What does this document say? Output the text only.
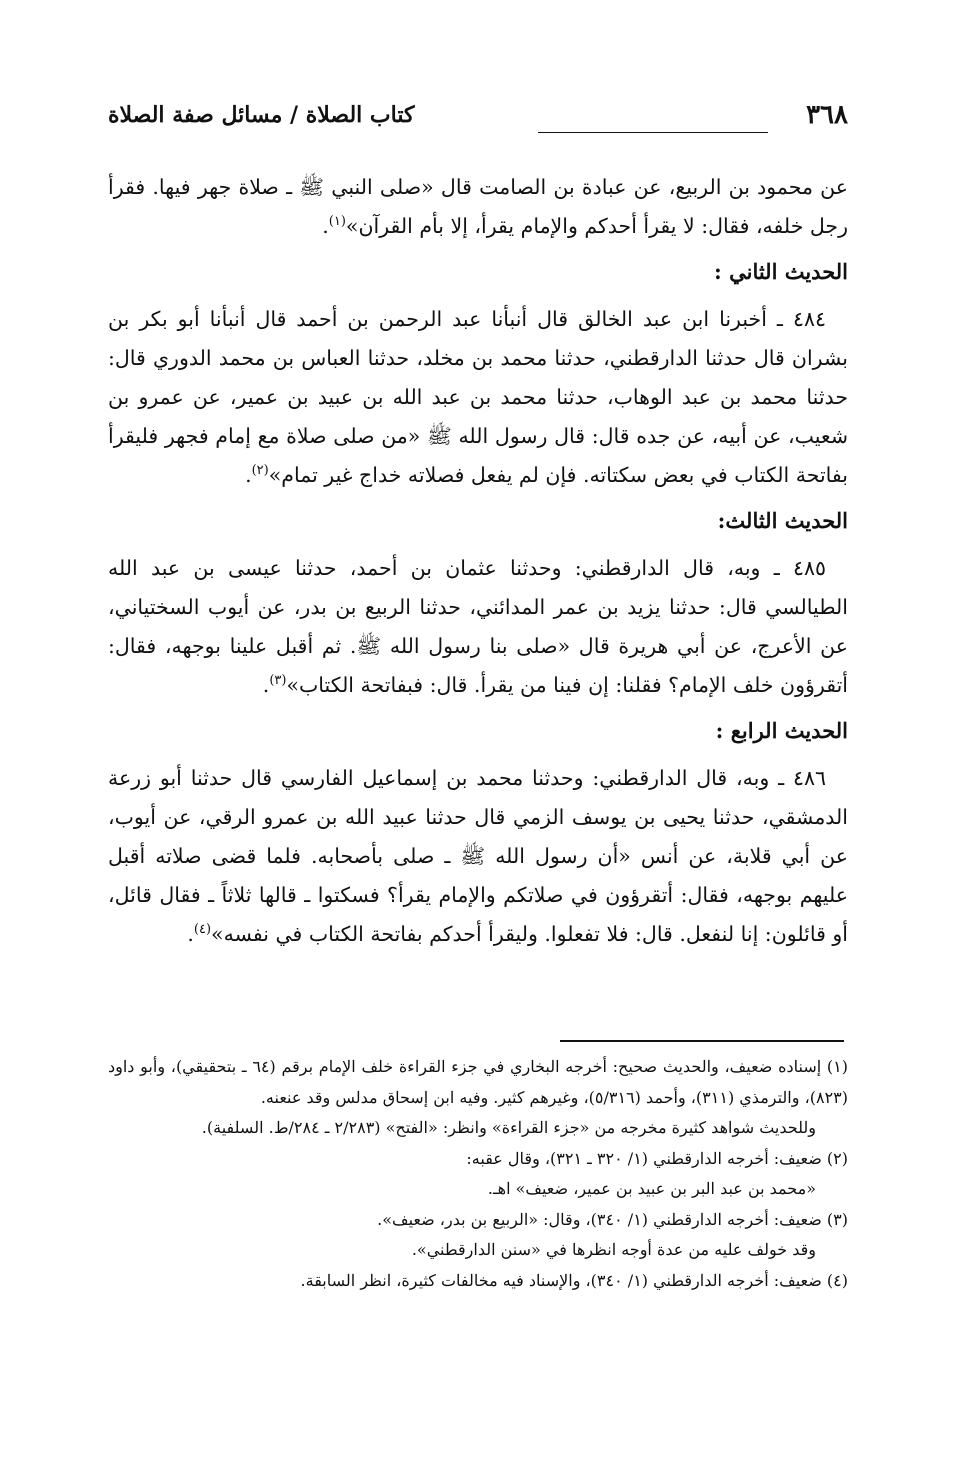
٣٦٨
كتاب الصلاة / مسائل صفة الصلاة

عن محمود بن الربيع، عن عبادة بن الصامت قال «صلى النبي ﷺ ـ صلاة جهر فيها. فقرأ رجل خلفه، فقال: لا يقرأ أحدكم والإمام يقرأ، إلا بأم القرآن»$^{(١)}$.

الحديث الثاني :

٤٨٤ ـ أخبرنا ابن عبد الخالق قال أنبأنا عبد الرحمن بن أحمد قال أنبأنا أبو بكر بن بشران قال حدثنا الدارقطني، حدثنا محمد بن مخلد، حدثنا العباس بن محمد الدوري قال: حدثنا محمد بن عبد الوهاب، حدثنا محمد بن عبد الله بن عبيد بن عمير، عن عمرو بن شعيب، عن أبيه، عن جده قال: قال رسول الله ﷺ «من صلى صلاة مع إمام فجهر فليقرأ بفاتحة الكتاب في بعض سكتاته. فإن لم يفعل فصلاته خداج غير تمام»$^{(٢)}$.

الحديث الثالث:

٤٨٥ ـ وبه، قال الدارقطني: وحدثنا عثمان بن أحمد، حدثنا عيسى بن عبد الله الطيالسي قال: حدثنا يزيد بن عمر المدائني، حدثنا الربيع بن بدر، عن أيوب السختياني، عن الأعرج، عن أبي هريرة قال «صلى بنا رسول الله ﷺ. ثم أقبل علينا بوجهه، فقال: أتقرؤون خلف الإمام؟ فقلنا: إن فينا من يقرأ. قال: فبفاتحة الكتاب»$^{(٣)}$.

الحديث الرابع :

٤٨٦ ـ وبه، قال الدارقطني: وحدثنا محمد بن إسماعيل الفارسي قال حدثنا أبو زرعة الدمشقي، حدثنا يحيى بن يوسف الزمي قال حدثنا عبيد الله بن عمرو الرقي، عن أيوب، عن أبي قلابة، عن أنس «أن رسول الله ﷺ ـ صلى بأصحابه. فلما قضى صلاته أقبل عليهم بوجهه، فقال: أتقرؤون في صلاتكم والإمام يقرأ؟ فسكتوا ـ قالها ثلاثاً ـ فقال قائل، أو قائلون: إنا لنفعل. قال: فلا تفعلوا. وليقرأ أحدكم بفاتحة الكتاب في نفسه»$^{(٤)}$.

(١) إسناده ضعيف، والحديث صحيح: أخرجه البخاري في جزء القراءة خلف الإمام برقم (٦٤ ـ بتحقيقي)، وأبو داود (٨٢٣)، والترمذي (٣١١)، وأحمد (٥/٣١٦)، وغيرهم كثير. وفيه ابن إسحاق مدلس وقد عنعنه.

وللحديث شواهد كثيرة مخرجه من «جزء القراءة» وانظر: «الفتح» (٢/٢٨٣ ـ ٢٨٤/ط. السلفية).

(٢) ضعيف: أخرجه الدارقطني (١/ ٣٢٠ ـ ٣٢١)، وقال عقبه:

«محمد بن عبد البر بن عبيد بن عمير، ضعيف» اهـ.

(٣) ضعيف: أخرجه الدارقطني (١/ ٣٤٠)، وقال: «الربيع بن بدر، ضعيف».

وقد خولف عليه من عدة أوجه انظرها في «سنن الدارقطني».

(٤) ضعيف: أخرجه الدارقطني (١/ ٣٤٠)، والإسناد فيه مخالفات كثيرة، انظر السابقة.
